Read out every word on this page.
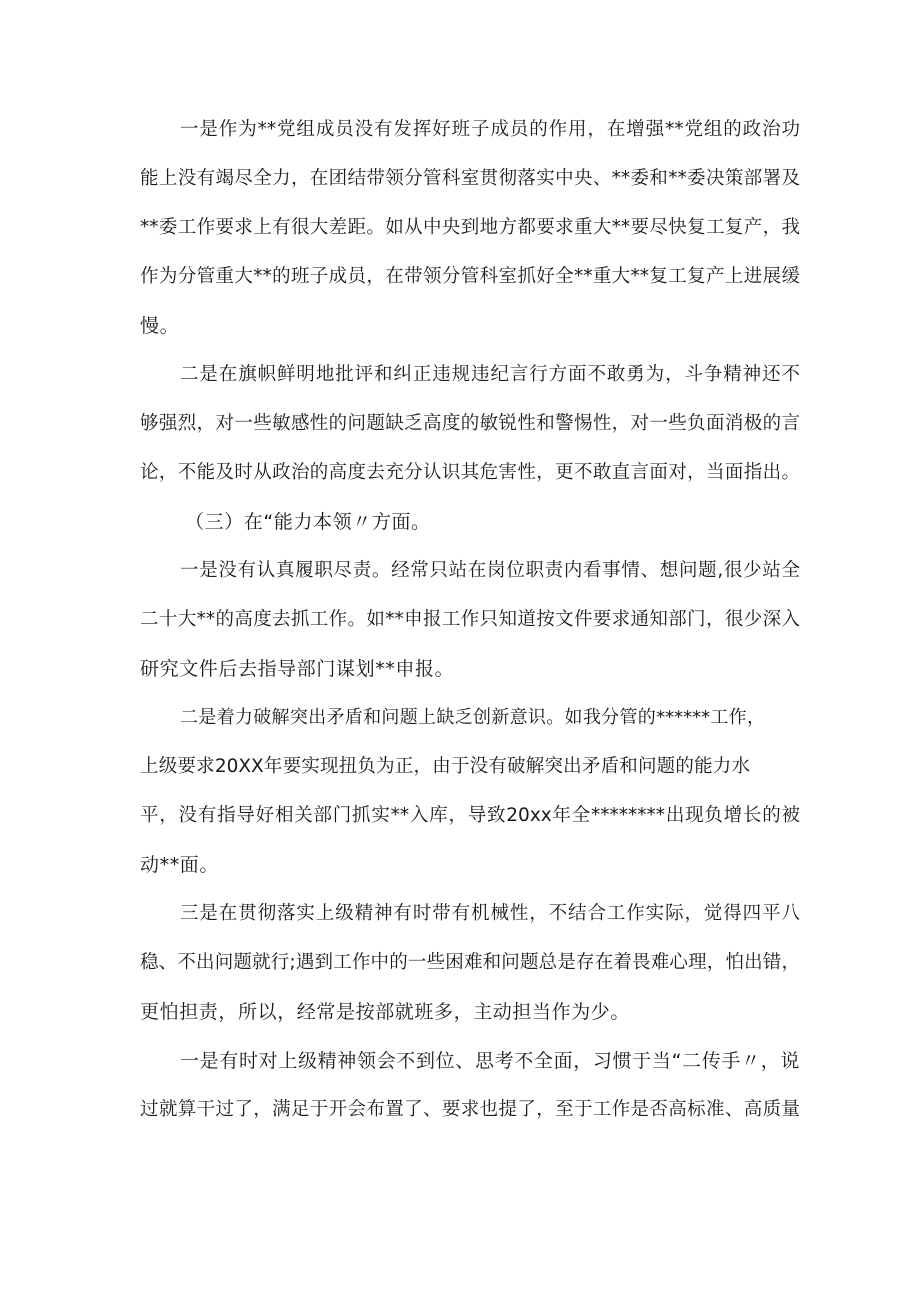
一是作为**党组成员没有发挥好班子成员的作用，在增强**党组的政治功
能上没有竭尽全力，在团结带领分管科室贯彻落实中央、**委和**委决策部署及
**委工作要求上有很大差距。如从中央到地方都要求重大**要尽快复工复产，我
作为分管重大**的班子成员，在带领分管科室抓好全**重大**复工复产上进展缓
慢。
二是在旗帜鲜明地批评和纠正违规违纪言行方面不敢勇为，斗争精神还不
够强烈，对一些敏感性的问题缺乏高度的敏锐性和警惕性，对一些负面消极的言
论，不能及时从政治的高度去充分认识其危害性，更不敢直言面对，当面指出。
（三）在“能力本领〃方面。
一是没有认真履职尽责。经常只站在岗位职责内看事情、想问题,很少站全
二十大**的高度去抓工作。如**申报工作只知道按文件要求通知部门，很少深入
研究文件后去指导部门谋划**申报。
二是着力破解突出矛盾和问题上缺乏创新意识。如我分管的******工作，
上级要求20XX年要实现扭负为正，由于没有破解突出矛盾和问题的能力水
平，没有指导好相关部门抓实**入库，导致20xx年全********出现负增长的被
动**面。
三是在贯彻落实上级精神有时带有机械性，不结合工作实际，觉得四平八
稳、不出问题就行;遇到工作中的一些困难和问题总是存在着畏难心理，怕出错，
更怕担责，所以，经常是按部就班多，主动担当作为少。
一是有时对上级精神领会不到位、思考不全面，习惯于当“二传手〃，说
过就算干过了，满足于开会布置了、要求也提了，至于工作是否高标准、高质量
